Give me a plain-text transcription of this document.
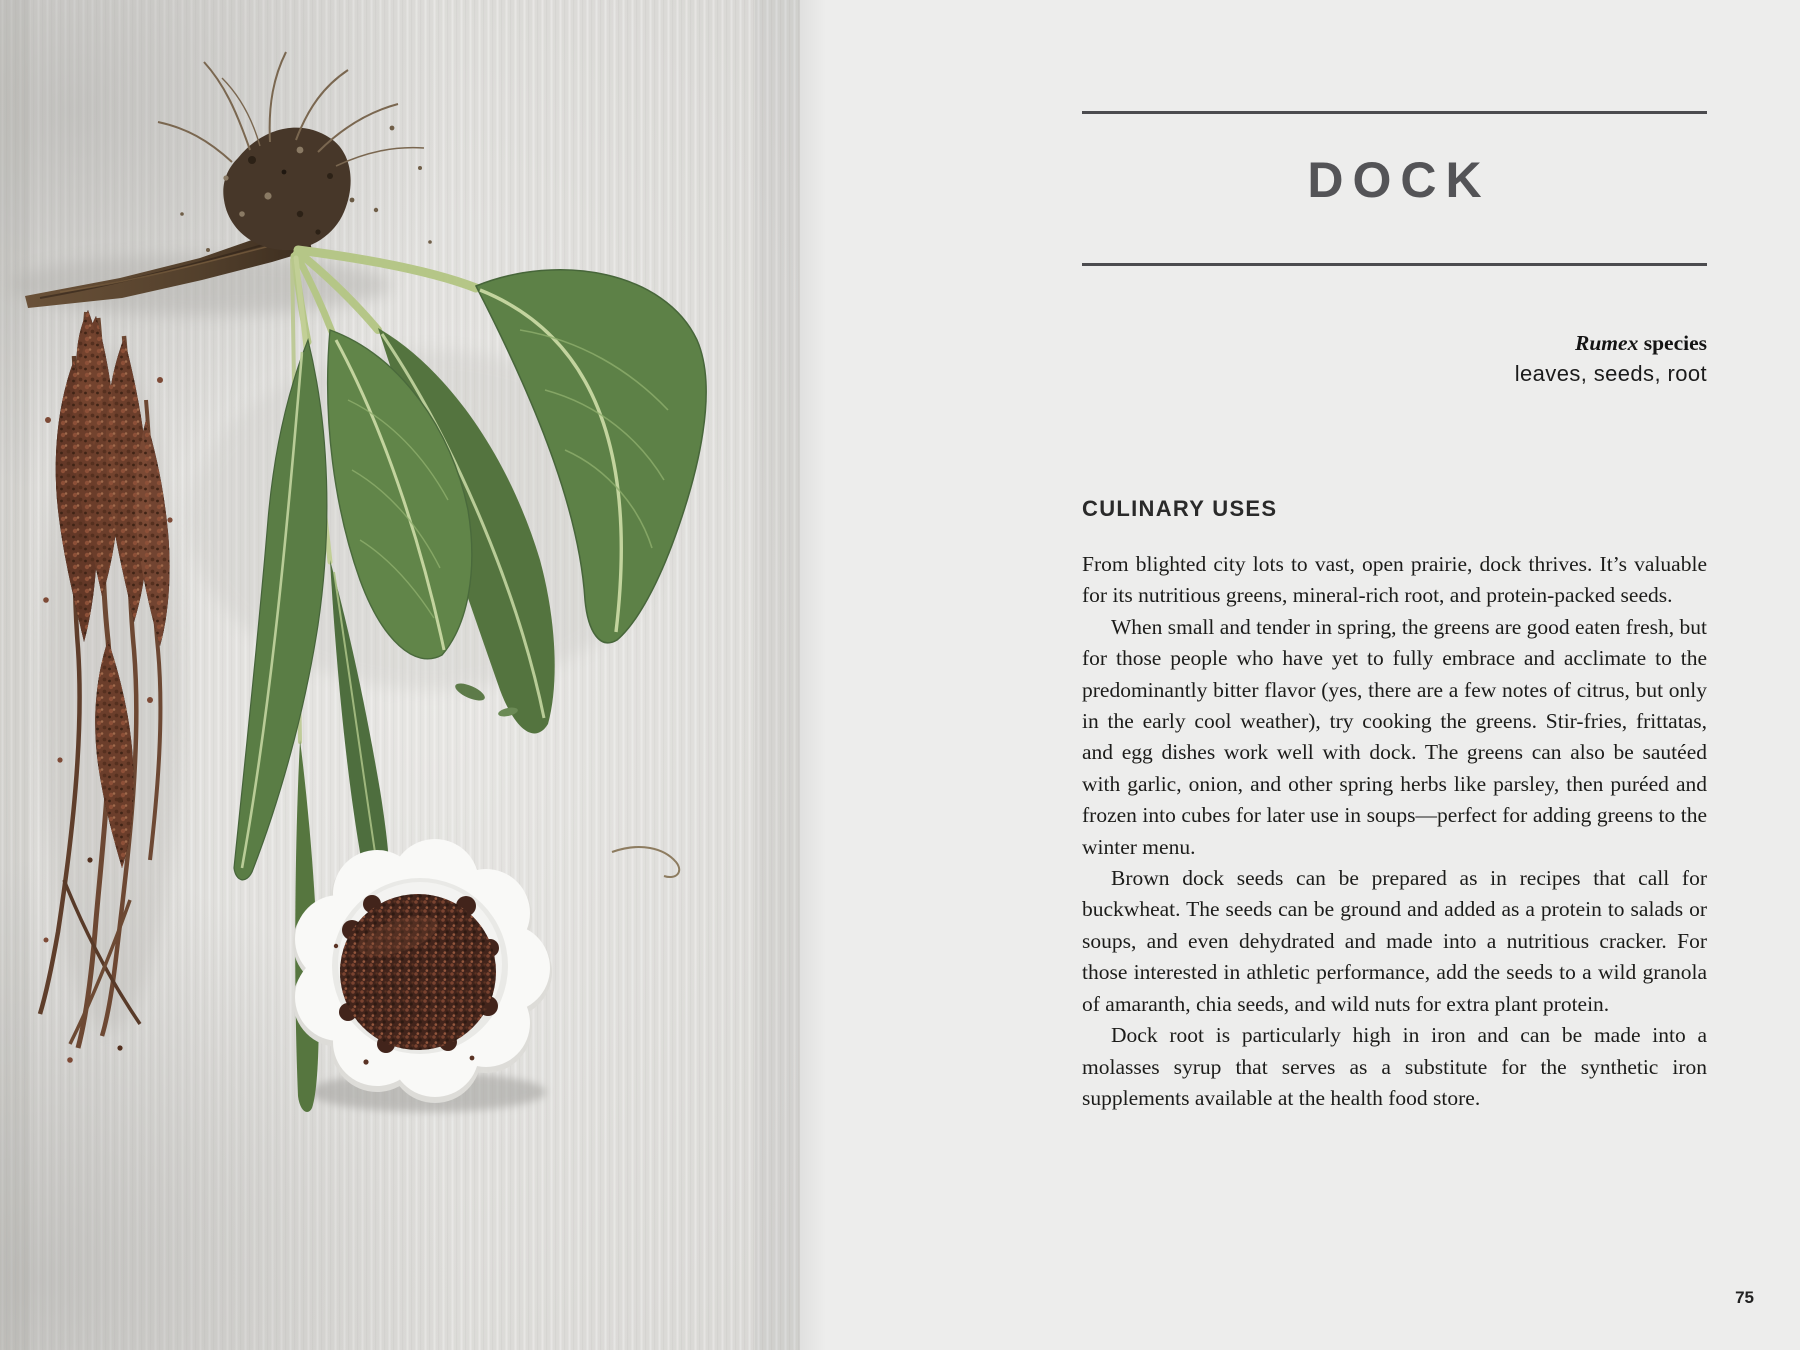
DOCK

Rumex species

leaves, seeds, root

CULINARY USES

From blighted city lots to vast, open prairie, dock thrives. It’s valuable for its nutritious greens, mineral-rich root, and protein-packed seeds.

When small and tender in spring, the greens are good eaten fresh, but for those people who have yet to fully embrace and acclimate to the predominantly bitter flavor (yes, there are a few notes of citrus, but only in the early cool weather), try cooking the greens. Stir-fries, frittatas, and egg dishes work well with dock. The greens can also be sautéed with garlic, onion, and other spring herbs like parsley, then puréed and frozen into cubes for later use in soups—perfect for adding greens to the winter menu.

Brown dock seeds can be prepared as in recipes that call for buckwheat. The seeds can be ground and added as a protein to salads or soups, and even dehydrated and made into a nutritious cracker. For those interested in athletic performance, add the seeds to a wild granola of amaranth, chia seeds, and wild nuts for extra plant protein.

Dock root is particularly high in iron and can be made into a molasses syrup that serves as a substitute for the synthetic iron supplements available at the health food store.

75
